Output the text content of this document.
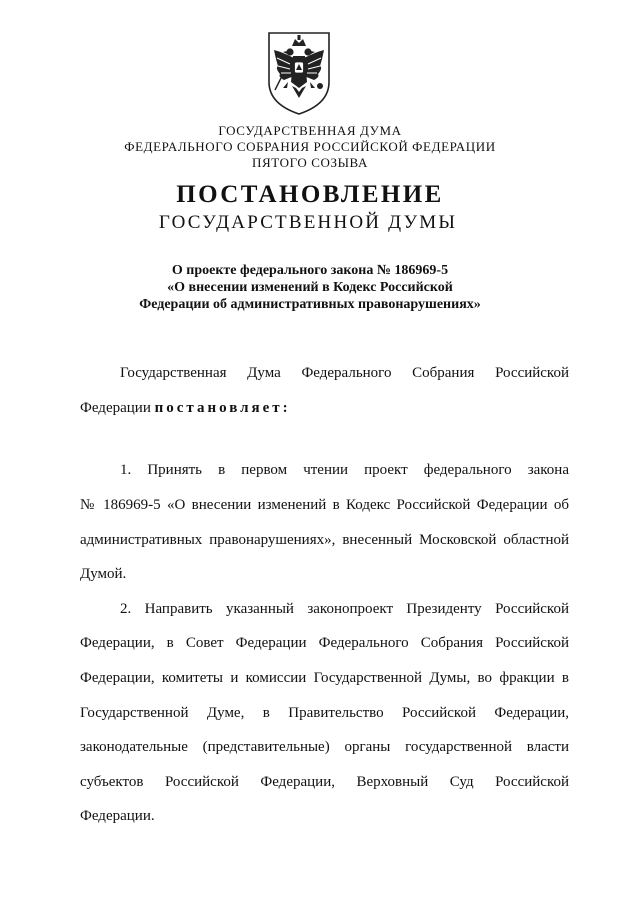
ГОСУДАРСТВЕННАЯ ДУМА
ФЕДЕРАЛЬНОГО СОБРАНИЯ РОССИЙСКОЙ ФЕДЕРАЦИИ
ПЯТОГО СОЗЫВА
ПОСТАНОВЛЕНИЕ
ГОСУДАРСТВЕННОЙ ДУМЫ
О проекте федерального закона № 186969-5
«О внесении изменений в Кодекс Российской
Федерации об административных правонарушениях»
Государственная Дума Федерального Собрания Российской
Федерации постановляет:
1. Принять в первом чтении проект федерального закона
№ 186969-5 «О внесении изменений в Кодекс Российской Федерации об
административных правонарушениях», внесенный Московской областной
Думой.
2. Направить указанный законопроект Президенту Российской
Федерации, в Совет Федерации Федерального Собрания Российской
Федерации, комитеты и комиссии Государственной Думы, во фракции в
Государственной Думе, в Правительство Российской Федерации,
законодательные (представительные) органы государственной власти
субъектов Российской Федерации, Верховный Суд Российской
Федерации.
